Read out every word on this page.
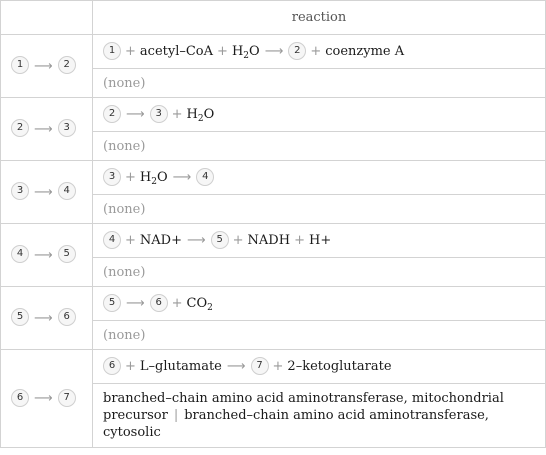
	reaction
1 ⟶ 2	1 + acetyl–CoA + $H_2O$ ⟶ 2 + coenzyme A
	(none)
2 ⟶ 3	2 ⟶ $3 + H_2O$
	(none)
3 ⟶ 4	$3 + H_2O$ ⟶ 4
	(none)
4 ⟶ 5	4 + NAD+ ⟶ 5 + NADH + H+
	(none)
5 ⟶ 6	5 ⟶ $6 + CO_2$
	(none)
6 ⟶ 7	6 + L–glutamate ⟶ 7 + 2–ketoglutarate
	branched–chain amino acid aminotransferase, mitochondrial precursor | branched–chain amino acid aminotransferase, cytosolic
